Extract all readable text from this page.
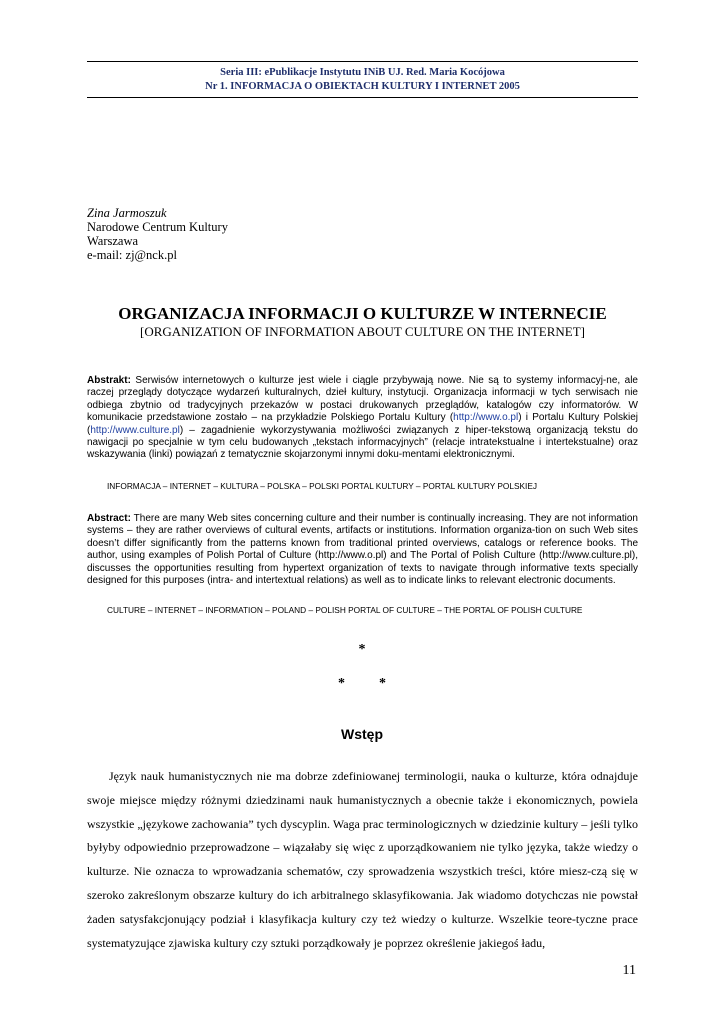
Seria III: ePublikacje Instytutu INiB UJ. Red. Maria Kocójowa
Nr 1. INFORMACJA O OBIEKTACH KULTURY I INTERNET 2005
Zina Jarmoszuk
Narodowe Centrum Kultury
Warszawa
e-mail: zj@nck.pl
ORGANIZACJA INFORMACJI O KULTURZE W INTERNECIE
[ORGANIZATION OF INFORMATION ABOUT CULTURE ON THE INTERNET]
Abstrakt: Serwisów internetowych o kulturze jest wiele i ciągle przybywają nowe. Nie są to systemy informacyj-ne, ale raczej przeglądy dotyczące wydarzeń kulturalnych, dzieł kultury, instytucji. Organizacja informacji w tych serwisach nie odbiega zbytnio od tradycyjnych przekazów w postaci drukowanych przeglądów, katalogów czy informatorów. W komunikacie przedstawione zostało – na przykładzie Polskiego Portalu Kultury (http://www.o.pl) i Portalu Kultury Polskiej (http://www.culture.pl) – zagadnienie wykorzystywania możliwości związanych z hiper-tekstową organizacją tekstu do nawigacji po specjalnie w tym celu budowanych „tekstach informacyjnych” (relacje intratekstualne i intertekstualne) oraz wskazywania (linki) powiązań z tematycznie skojarzonymi innymi doku-mentami elektronicznymi.
INFORMACJA – INTERNET – KULTURA – POLSKA – POLSKI PORTAL KULTURY – PORTAL KULTURY POLSKIEJ
Abstract: There are many Web sites concerning culture and their number is continually increasing. They are not information systems – they are rather overviews of cultural events, artifacts or institutions. Information organiza-tion on such Web sites doesn’t differ significantly from the patterns known from traditional printed overviews, catalogs or reference books. The author, using examples of Polish Portal of Culture (http://www.o.pl) and The Portal of Polish Culture (http://www.culture.pl), discusses the opportunities resulting from hypertext organization of texts to navigate through informative texts specially designed for this purposes (intra- and intertextual relations) as well as to indicate links to relevant electronic documents.
CULTURE – INTERNET – INFORMATION – POLAND – POLISH PORTAL OF CULTURE – THE PORTAL OF POLISH CULTURE
*
* *
Wstęp

Język nauk humanistycznych nie ma dobrze zdefiniowanej terminologii, nauka o kulturze, która odnajduje swoje miejsce między różnymi dziedzinami nauk humanistycznych a obecnie także i ekonomicznych, powiela wszystkie „językowe zachowania” tych dyscyplin. Waga prac terminologicznych w dziedzinie kultury – jeśli tylko byłyby odpowiednio przeprowadzone – wiązałaby się więc z uporządkowaniem nie tylko języka, także wiedzy o kulturze. Nie oznacza to wprowadzania schematów, czy sprowadzenia wszystkich treści, które miesz-czą się w szeroko zakreślonym obszarze kultury do ich arbitralnego sklasyfikowania. Jak wiadomo dotychczas nie powstał żaden satysfakcjonujący podział i klasyfikacja kultury czy też wiedzy o kulturze. Wszelkie teore-tyczne prace systematyzujące zjawiska kultury czy sztuki porządkowały je poprzez określenie jakiegoś ładu,

11
